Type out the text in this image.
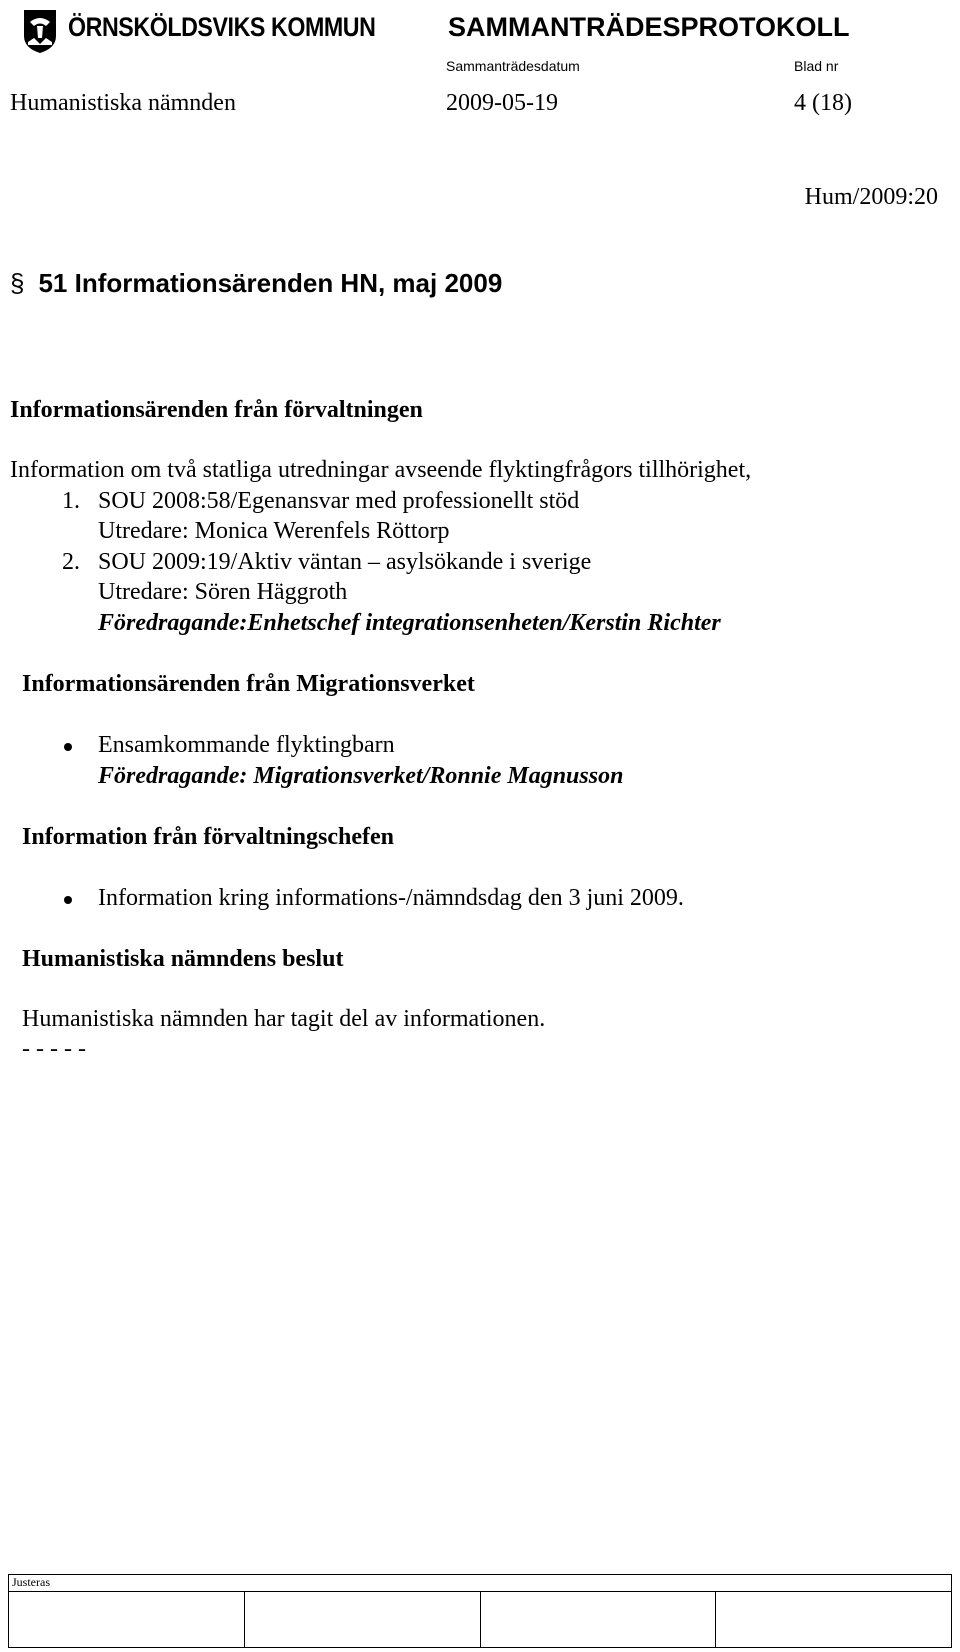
ÖRNSKÖLDSVIKS KOMMUN	SAMMANTRÄDESPROTOKOLL
Sammanträdesdatum	Blad nr
Humanistiska nämnden	2009-05-19	4 (18)
Hum/2009:20
§ 51 Informationsärenden HN, maj 2009
Informationsärenden från förvaltningen
Information om två statliga utredningar avseende flyktingfrågors tillhörighet,
1. SOU 2008:58/Egenansvar med professionellt stöd
Utredare: Monica Werenfels Röttorp
2. SOU 2009:19/Aktiv väntan – asylsökande i sverige
Utredare: Sören Häggroth
Föredragande:Enhetschef integrationsenheten/Kerstin Richter
Informationsärenden från Migrationsverket
Ensamkommande flyktingbarn
Föredragande: Migrationsverket/Ronnie Magnusson
Information från förvaltningschefen
Information kring informations-/nämndsdag den 3 juni 2009.
Humanistiska nämndens beslut
Humanistiska nämnden har tagit del av informationen.
- - - - -
Justeras
